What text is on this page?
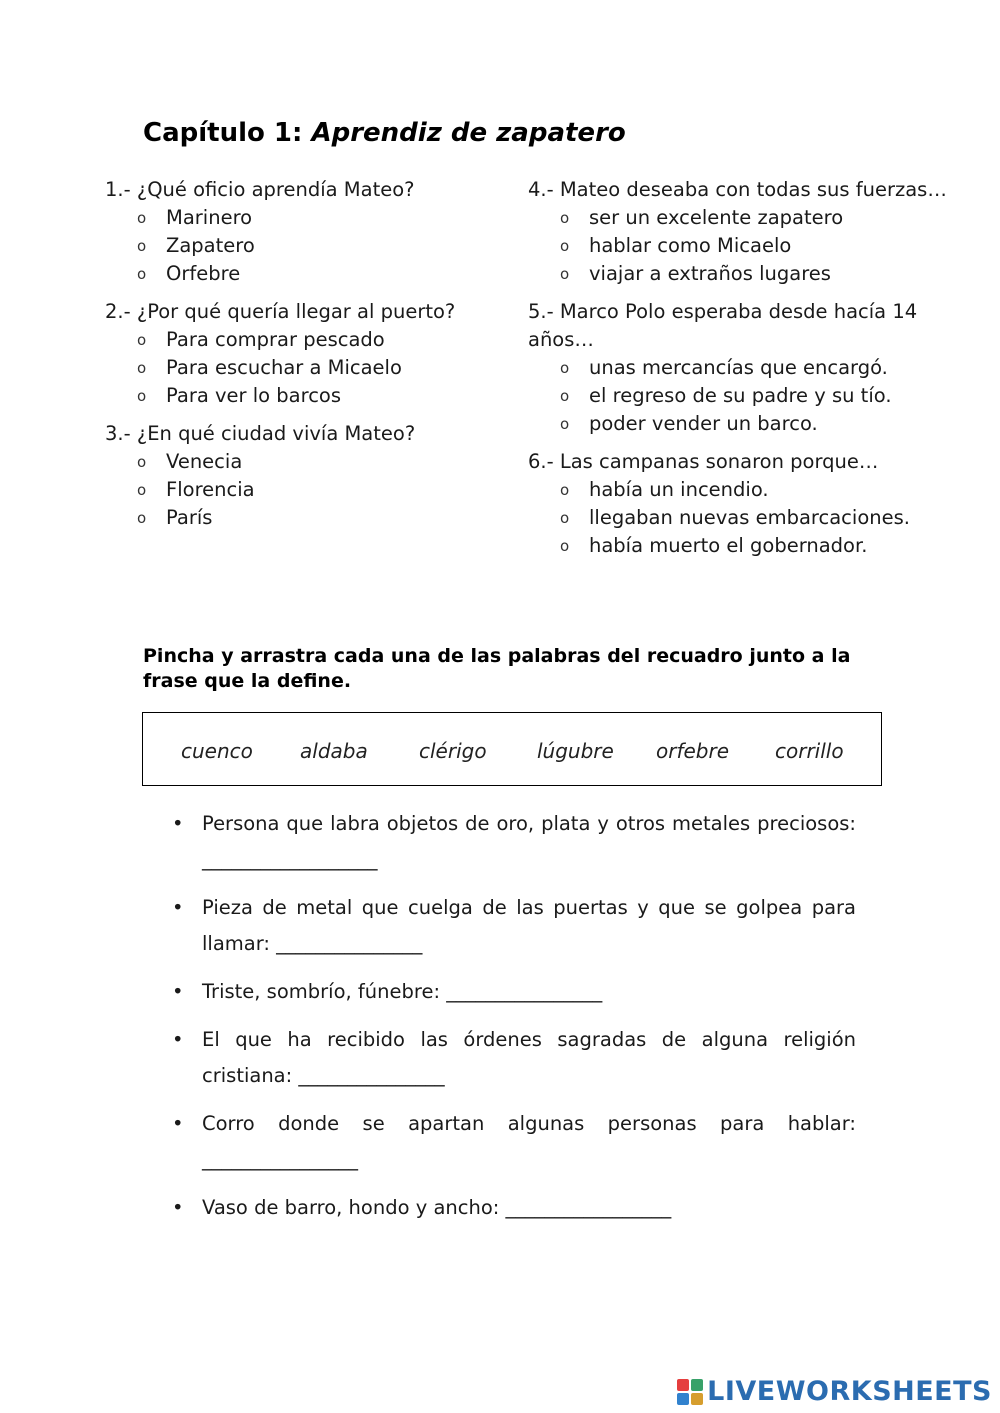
Capítulo 1: Aprendiz de zapatero

1.- ¿Qué oficio aprendía Mateo?

o Marinero

o Zapatero

o Orfebre

2.- ¿Por qué quería llegar al puerto?

o Para comprar pescado

o Para escuchar a Micaelo

o Para ver lo barcos

3.- ¿En qué ciudad vivía Mateo?

o Venecia

o Florencia

o París

4.- Mateo deseaba con todas sus fuerzas…

o ser un excelente zapatero

o hablar como Micaelo

o viajar a extraños lugares

5.- Marco Polo esperaba desde hacía 14 años…

o unas mercancías que encargó.

o el regreso de su padre y su tío.

o poder vender un barco.

6.- Las campanas sonaron porque…

o había un incendio.

o llegaban nuevas embarcaciones.

o había muerto el gobernador.

Pincha y arrastra cada una de las palabras del recuadro junto a la frase que la define.

cuenco aldaba	clérigo	lúgubre orfebre corrillo

• Persona que labra objetos de oro, plata y otros metales preciosos: __________________

• Pieza de metal que cuelga de las puertas y que se golpea para llamar: _______________

• Triste, sombrío, fúnebre: ________________

• El que ha recibido las órdenes sagradas de alguna religión cristiana: _______________

• Corro donde se apartan algunas personas para hablar: ________________

• Vaso de barro, hondo y ancho: _________________

LIVEWORKSHEETS
